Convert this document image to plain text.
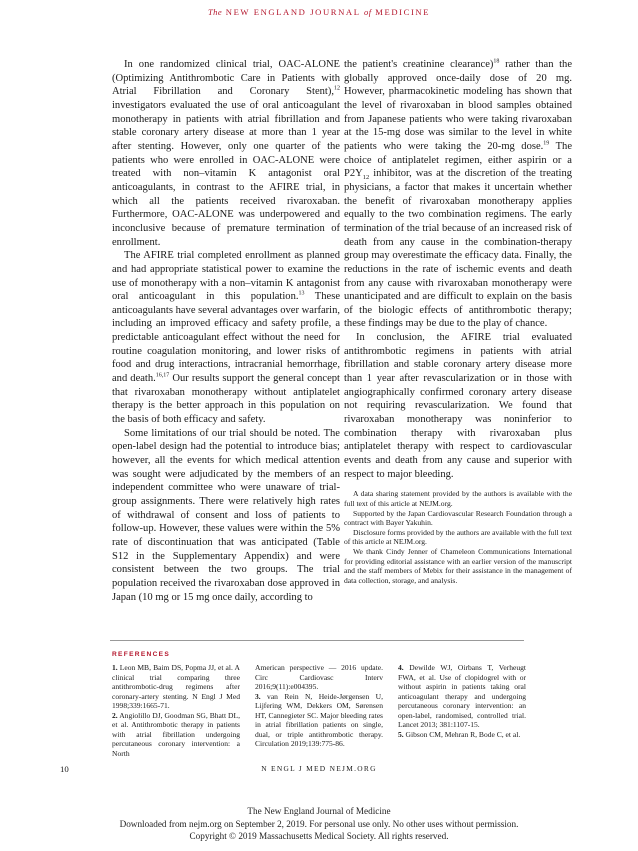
The NEW ENGLAND JOURNAL of MEDICINE

In one randomized clinical trial, OAC-ALONE (Optimizing Antithrombotic Care in Patients with Atrial Fibrillation and Coronary Stent),$^{12}$ investigators evaluated the use of oral anticoagulant monotherapy in patients with atrial fibrillation and stable coronary artery disease at more than 1 year after stenting. However, only one quarter of the patients who were enrolled in OAC-ALONE were treated with non–vitamin K antagonist oral anticoagulants, in contrast to the AFIRE trial, in which all the patients received rivaroxaban. Furthermore, OAC-ALONE was underpowered and inconclusive because of premature termination of enrollment.

The AFIRE trial completed enrollment as planned and had appropriate statistical power to examine the use of monotherapy with a non–vitamin K antagonist oral anticoagulant in this population.$^{13}$ These anticoagulants have several advantages over warfarin, including an improved efficacy and safety profile, a predictable anticoagulant effect without the need for routine coagulation monitoring, and lower risks of food and drug interactions, intracranial hemorrhage, and death.$^{16,17}$ Our results support the general concept that rivaroxaban monotherapy without antiplatelet therapy is the better approach in this population on the basis of both efficacy and safety.

Some limitations of our trial should be noted. The open-label design had the potential to introduce bias; however, all the events for which medical attention was sought were adjudicated by the members of an independent committee who were unaware of trial-group assignments. There were relatively high rates of withdrawal of consent and loss of patients to follow-up. However, these values were within the 5% rate of discontinuation that was anticipated (Table S12 in the Supplementary Appendix) and were consistent between the two groups. The trial population received the rivaroxaban dose approved in Japan (10 mg or 15 mg once daily, according to

the patient's creatinine clearance)$^{18}$ rather than the globally approved once-daily dose of 20 mg. However, pharmacokinetic modeling has shown that the level of rivaroxaban in blood samples obtained from Japanese patients who were taking rivaroxaban at the 15-mg dose was similar to the level in white patients who were taking the 20-mg dose.$^{19}$ The choice of antiplatelet regimen, either aspirin or a $P2Y_{12}$ inhibitor, was at the discretion of the treating physicians, a factor that makes it uncertain whether the benefit of rivaroxaban monotherapy applies equally to the two combination regimens. The early termination of the trial because of an increased risk of death from any cause in the combination-therapy group may overestimate the efficacy data. Finally, the reductions in the rate of ischemic events and death from any cause with rivaroxaban monotherapy were unanticipated and are difficult to explain on the basis of the biologic effects of antithrombotic therapy; these findings may be due to the play of chance.

In conclusion, the AFIRE trial evaluated antithrombotic regimens in patients with atrial fibrillation and stable coronary artery disease more than 1 year after revascularization or in those with angiographically confirmed coronary artery disease not requiring revascularization. We found that rivaroxaban monotherapy was noninferior to combination therapy with rivaroxaban plus antiplatelet therapy with respect to cardiovascular events and death from any cause and superior with respect to major bleeding.

A data sharing statement provided by the authors is available with the full text of this article at NEJM.org.

Supported by the Japan Cardiovascular Research Foundation through a contract with Bayer Yakuhin.

Disclosure forms provided by the authors are available with the full text of this article at NEJM.org.

We thank Cindy Jenner of Chameleon Communications International for providing editorial assistance with an earlier version of the manuscript and the staff members of Mebix for their assistance in the management of data collection, storage, and analysis.

REFERENCES

1. Leon MB, Baim DS, Popma JJ, et al. A clinical trial comparing three antithrombotic-drug regimens after coronary-artery stenting. N Engl J Med 1998;339:1665-71.

2. Angiolillo DJ, Goodman SG, Bhatt DL, et al. Antithrombotic therapy in patients with atrial fibrillation undergoing percutaneous coronary intervention: a North

American perspective — 2016 update. Circ Cardiovasc Interv 2016;9(11):e004395.

3. van Rein N, Heide-Jørgensen U, Lijfering WM, Dekkers OM, Sørensen HT, Cannegieter SC. Major bleeding rates in atrial fibrillation patients on single, dual, or triple antithrombotic therapy. Circulation 2019;139:775-86.

4. Dewilde WJ, Oirbans T, Verheugt FWA, et al. Use of clopidogrel with or without aspirin in patients taking oral anticoagulant therapy and undergoing percutaneous coronary intervention: an open-label, randomised, controlled trial. Lancet 2013; 381:1107-15.

5. Gibson CM, Mehran R, Bode C, et al.

10	N ENGL J MED NEJM.ORG
The New England Journal of Medicine
Downloaded from nejm.org on September 2, 2019. For personal use only. No other uses without permission.
Copyright © 2019 Massachusetts Medical Society. All rights reserved.
